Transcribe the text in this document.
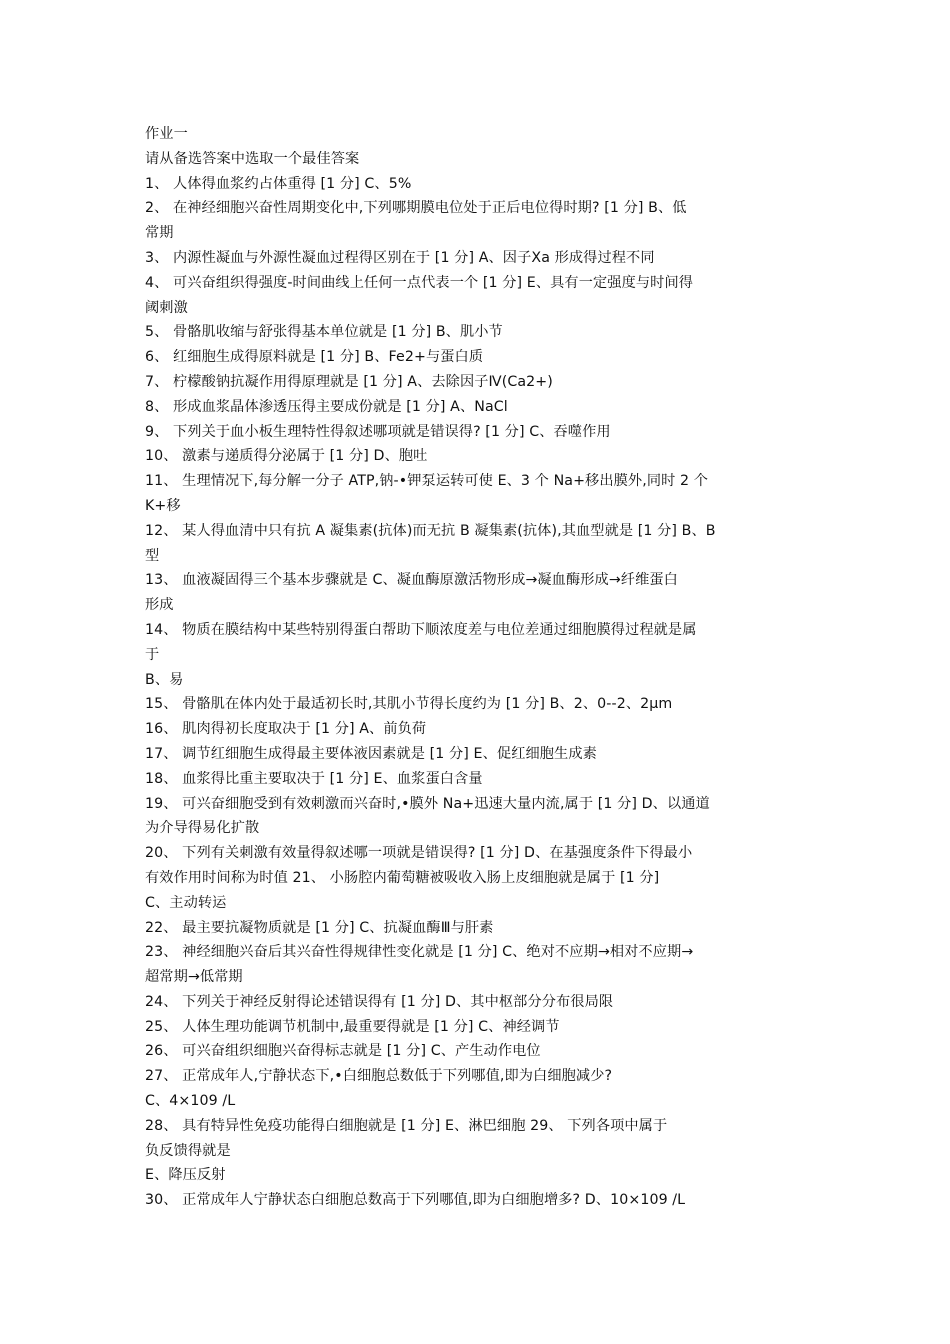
作业一
请从备选答案中选取一个最佳答案
1、 人体得血浆约占体重得 [1 分] C、5%
2、 在神经细胞兴奋性周期变化中,下列哪期膜电位处于正后电位得时期? [1 分] B、低
常期
3、 内源性凝血与外源性凝血过程得区别在于 [1 分] A、因子Ⅹa 形成得过程不同
4、 可兴奋组织得强度-时间曲线上任何一点代表一个 [1 分] E、具有一定强度与时间得
阈刺激
5、 骨骼肌收缩与舒张得基本单位就是 [1 分] B、肌小节
6、 红细胞生成得原料就是 [1 分] B、Fe2+与蛋白质
7、 柠檬酸钠抗凝作用得原理就是 [1 分] A、去除因子Ⅳ(Ca2+)
8、 形成血浆晶体渗透压得主要成份就是 [1 分] A、NaCl
9、 下列关于血小板生理特性得叙述哪项就是错误得? [1 分] C、吞噬作用
10、 激素与递质得分泌属于 [1 分] D、胞吐
11、 生理情况下,每分解一分子 ATP,钠-•钾泵运转可使 E、3 个 Na+移出膜外,同时 2 个
K+移
12、 某人得血清中只有抗 A 凝集素(抗体)而无抗 B 凝集素(抗体),其血型就是 [1 分] B、B
型
13、 血液凝固得三个基本步骤就是 C、凝血酶原激活物形成→凝血酶形成→纤维蛋白
形成
14、 物质在膜结构中某些特别得蛋白帮助下顺浓度差与电位差通过细胞膜得过程就是属
于
B、易
15、 骨骼肌在体内处于最适初长时,其肌小节得长度约为 [1 分] B、2、0--2、2μm
16、 肌肉得初长度取决于 [1 分] A、前负荷
17、 调节红细胞生成得最主要体液因素就是 [1 分] E、促红细胞生成素
18、 血浆得比重主要取决于 [1 分] E、血浆蛋白含量
19、 可兴奋细胞受到有效刺激而兴奋时,•膜外 Na+迅速大量内流,属于 [1 分] D、以通道
为介导得易化扩散
20、 下列有关刺激有效量得叙述哪一项就是错误得? [1 分] D、在基强度条件下得最小
有效作用时间称为时值 21、 小肠腔内葡萄糖被吸收入肠上皮细胞就是属于 [1 分]
C、主动转运
22、 最主要抗凝物质就是 [1 分] C、抗凝血酶Ⅲ与肝素
23、 神经细胞兴奋后其兴奋性得规律性变化就是 [1 分] C、绝对不应期→相对不应期→
超常期→低常期
24、 下列关于神经反射得论述错误得有 [1 分] D、其中枢部分分布很局限
25、 人体生理功能调节机制中,最重要得就是 [1 分] C、神经调节
26、 可兴奋组织细胞兴奋得标志就是 [1 分] C、产生动作电位
27、 正常成年人,宁静状态下,•白细胞总数低于下列哪值,即为白细胞减少?
C、4×109 /L
28、 具有特异性免疫功能得白细胞就是 [1 分] E、淋巴细胞 29、 下列各项中属于
负反馈得就是
E、降压反射
30、 正常成年人宁静状态白细胞总数高于下列哪值,即为白细胞增多? D、10×109 /L
